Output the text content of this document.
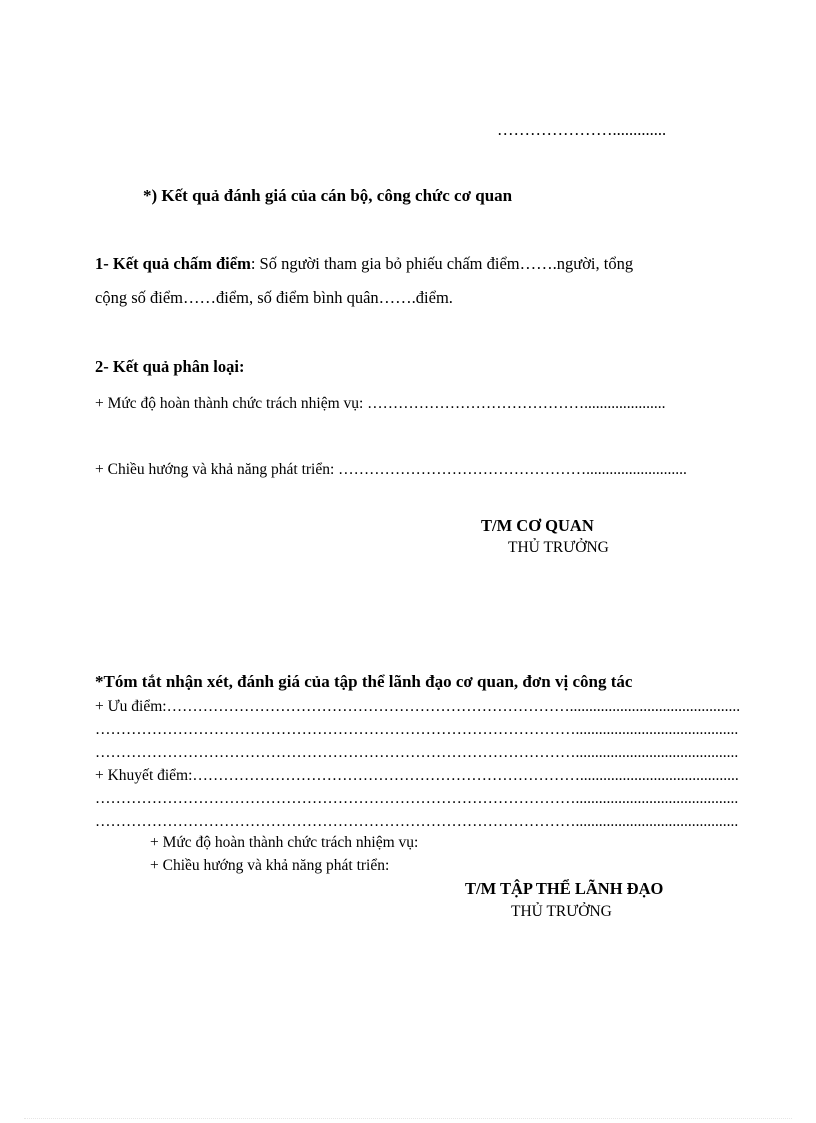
………………….............
*) Kết quả đánh giá của cán bộ, công chức cơ quan
1- Kết quả chấm điểm: Số người tham gia bỏ phiếu chấm điểm…….người, tổng
cộng số điểm……điểm, số điểm bình quân…….điểm.
2- Kết quả phân loại:
+ Mức độ hoàn thành chức trách nhiệm vụ: …………………………………….....................
+ Chiều hướng và khả năng phát triển: …………………………………………..........................
T/M CƠ QUAN
THỦ TRƯỞNG
*Tóm tắt nhận xét, đánh giá của tập thể lãnh đạo cơ quan, đơn vị công tác
+ Ưu điểm:……………………………………………………………………............................................
…………………………………………………………………………………..........................................
…………………………………………………………………………………..........................................
+ Khuyết điểm:………………………………………………………………….........................................
…………………………………………………………………………………..........................................
…………………………………………………………………………………..........................................
+ Mức độ hoàn thành chức trách nhiệm vụ:
+ Chiều hướng và khả năng phát triển:
T/M TẬP THỂ LÃNH ĐẠO
THỦ TRƯỞNG
